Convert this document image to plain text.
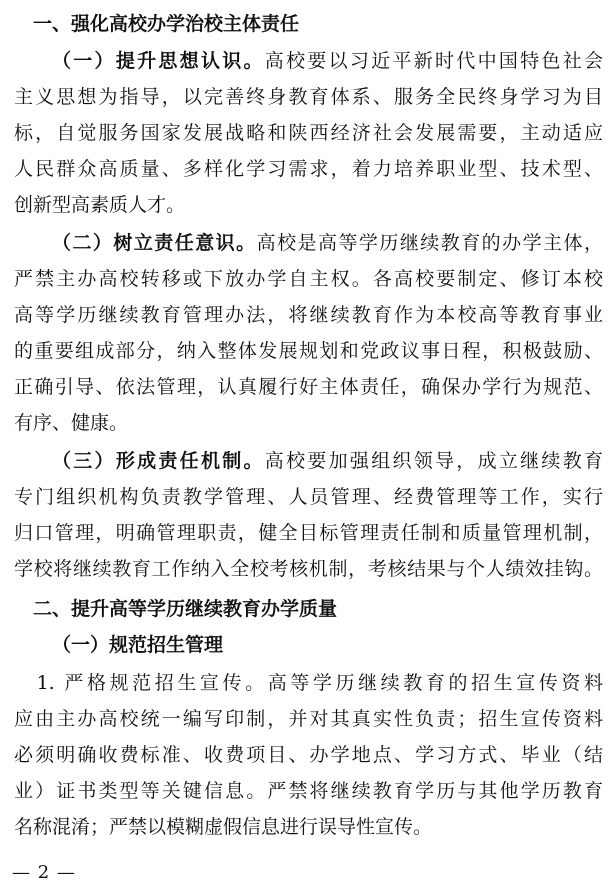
　一、强化高校办学治校主体责任
（一）提升思想认识。高校要以习近平新时代中国特色社会
主义思想为指导，以完善终身教育体系、服务全民终身学习为目
标，自觉服务国家发展战略和陕西经济社会发展需要，主动适应
人民群众高质量、多样化学习需求，着力培养职业型、技术型、
创新型高素质人才。
（二）树立责任意识。高校是高等学历继续教育的办学主体，
严禁主办高校转移或下放办学自主权。各高校要制定、修订本校
高等学历继续教育管理办法，将继续教育作为本校高等教育事业
的重要组成部分，纳入整体发展规划和党政议事日程，积极鼓励、
正确引导、依法管理，认真履行好主体责任，确保办学行为规范、
有序、健康。
（三）形成责任机制。高校要加强组织领导，成立继续教育
专门组织机构负责教学管理、人员管理、经费管理等工作，实行
归口管理，明确管理职责，健全目标管理责任制和质量管理机制，
学校将继续教育工作纳入全校考核机制，考核结果与个人绩效挂钩。
　二、提升高等学历继续教育办学质量
（一）规范招生管理
　1. 严格规范招生宣传。高等学历继续教育的招生宣传资料
应由主办高校统一编写印制，并对其真实性负责；招生宣传资料
必须明确收费标准、收费项目、办学地点、学习方式、毕业（结
业）证书类型等关键信息。严禁将继续教育学历与其他学历教育
名称混淆；严禁以模糊虚假信息进行误导性宣传。
— 2 —
